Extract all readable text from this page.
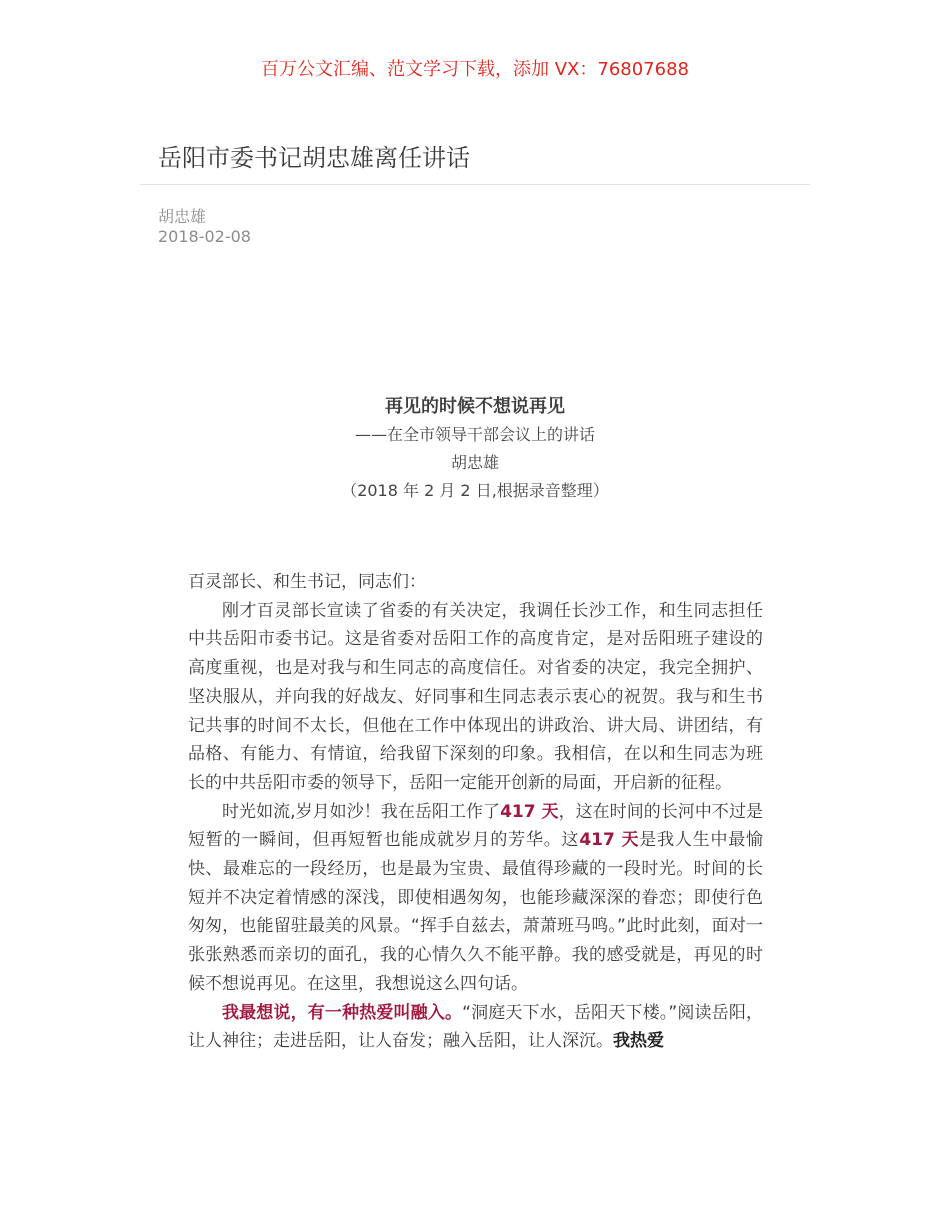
百万公文汇编、范文学习下载，添加 VX：76807688
岳阳市委书记胡忠雄离任讲话
胡忠雄
2018-02-08
再见的时候不想说再见
——在全市领导干部会议上的讲话
胡忠雄
（2018 年 2 月 2 日,根据录音整理）

百灵部长、和生书记，同志们：

刚才百灵部长宣读了省委的有关决定，我调任长沙工作，和生同志担任中共岳阳市委书记。这是省委对岳阳工作的高度肯定，是对岳阳班子建设的高度重视，也是对我与和生同志的高度信任。对省委的决定，我完全拥护、坚决服从，并向我的好战友、好同事和生同志表示衷心的祝贺。我与和生书记共事的时间不太长，但他在工作中体现出的讲政治、讲大局、讲团结，有品格、有能力、有情谊，给我留下深刻的印象。我相信，在以和生同志为班长的中共岳阳市委的领导下，岳阳一定能开创新的局面，开启新的征程。

时光如流,岁月如沙！我在岳阳工作了417 天，这在时间的长河中不过是短暂的一瞬间，但再短暂也能成就岁月的芳华。这417 天是我人生中最愉快、最难忘的一段经历，也是最为宝贵、最值得珍藏的一段时光。时间的长短并不决定着情感的深浅，即使相遇匆匆，也能珍藏深深的眷恋；即使行色匆匆，也能留驻最美的风景。“挥手自兹去，萧萧班马鸣。”此时此刻，面对一张张熟悉而亲切的面孔，我的心情久久不能平静。我的感受就是，再见的时候不想说再见。在这里，我想说这么四句话。

我最想说，有一种热爱叫融入。“洞庭天下水，岳阳天下楼。”阅读岳阳，让人神往；走进岳阳，让人奋发；融入岳阳，让人深沉。我热爱
